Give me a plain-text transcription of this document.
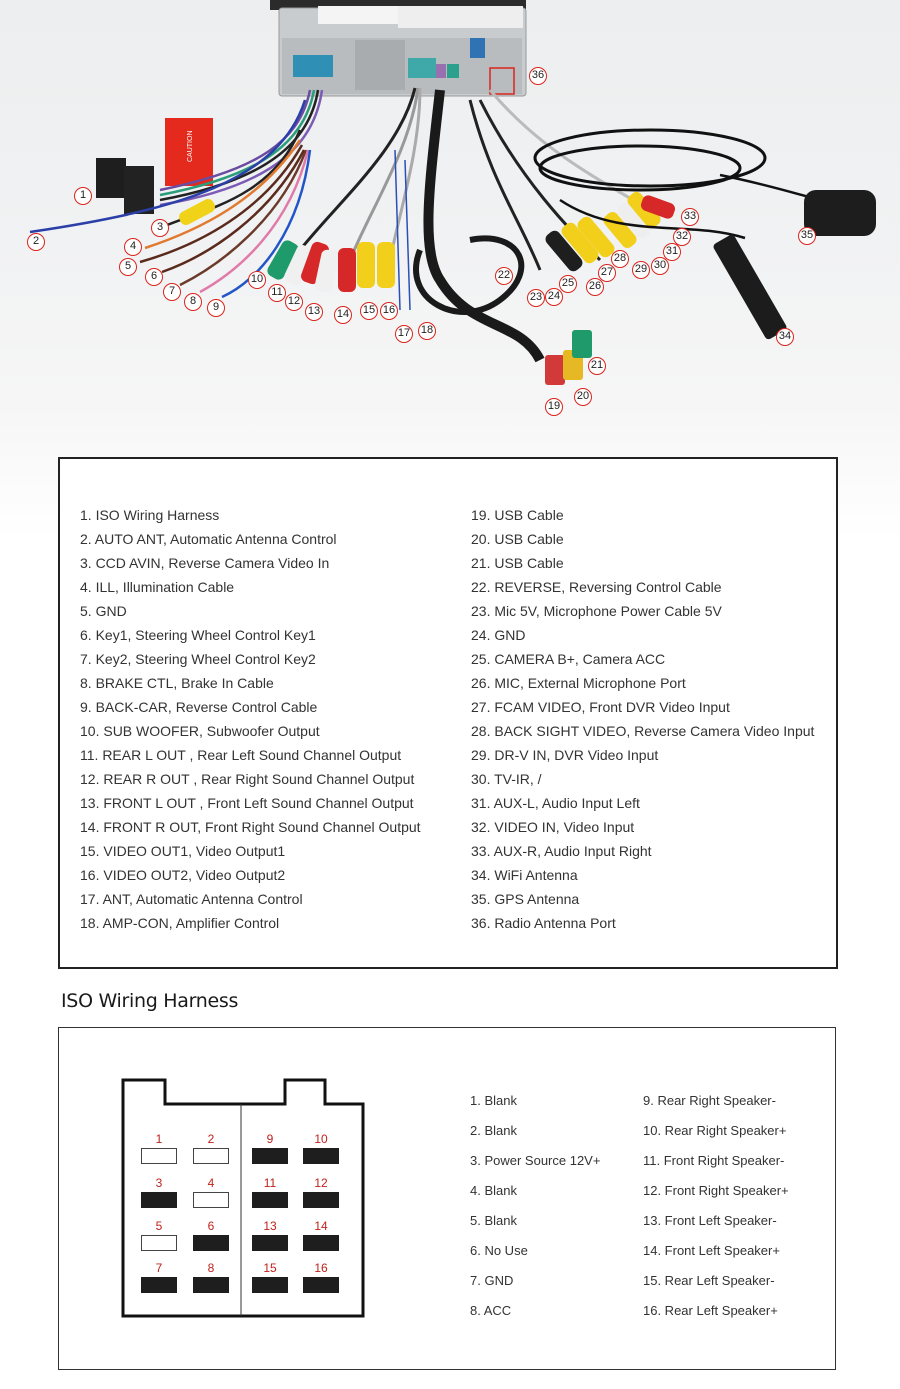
CAUTION
1
2
3
4
5
6
7
8	9
10
11
12
13 14 15 16
17 18
19
20
21
22
23 24
25 26
27
28
29 30
31
32
33
34
35
36
1. ISO Wiring Harness
2. AUTO ANT, Automatic Antenna Control
3. CCD AVIN, Reverse Camera Video In
4. ILL, Illumination Cable
5. GND
6. Key1, Steering Wheel Control Key1
7. Key2, Steering Wheel Control Key2
8. BRAKE CTL, Brake In Cable
9. BACK-CAR, Reverse Control Cable
10. SUB WOOFER, Subwoofer Output
11. REAR L OUT , Rear Left Sound Channel Output
12. REAR R OUT , Rear Right Sound Channel Output
13. FRONT L OUT , Front Left Sound Channel Output
14. FRONT R OUT, Front Right Sound Channel Output
15. VIDEO OUT1, Video Output1
16. VIDEO OUT2, Video Output2
17. ANT, Automatic Antenna Control
18. AMP-CON, Amplifier Control
19. USB Cable
20. USB Cable
21. USB Cable
22. REVERSE, Reversing Control Cable
23. Mic 5V, Microphone Power Cable 5V
24. GND
25. CAMERA B+, Camera ACC
26. MIC, External Microphone Port
27. FCAM VIDEO, Front DVR Video Input
28. BACK SIGHT VIDEO, Reverse Camera Video Input
29. DR-V IN, DVR Video Input
30. TV-IR, /
31. AUX-L, Audio Input Left
32. VIDEO IN, Video Input
33. AUX-R, Audio Input Right
34. WiFi Antenna
35. GPS Antenna
36. Radio Antenna Port
ISO Wiring Harness
1	2
3	4
5	6
7	8
9	10
11	12
13	14
15	16
1. Blank
2. Blank
3. Power Source 12V+
4. Blank
5. Blank
6. No Use
7. GND
8. ACC
9. Rear Right Speaker-
10. Rear Right Speaker+
11. Front Right Speaker-
12. Front Right Speaker+
13. Front Left Speaker-
14. Front Left Speaker+
15. Rear Left Speaker-
16. Rear Left Speaker+
